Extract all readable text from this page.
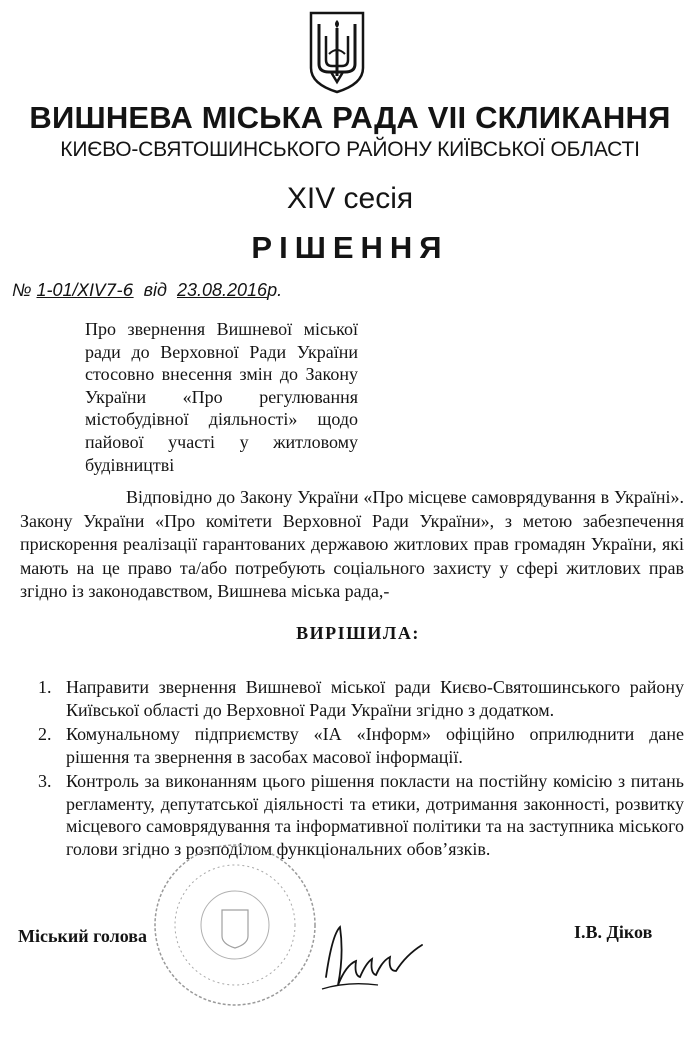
ВИШНЕВА МІСЬКА РАДА VII СКЛИКАННЯ
КИЄВО-СВЯТОШИНСЬКОГО РАЙОНУ КИЇВСЬКОЇ ОБЛАСТІ
XIV сесія
РІШЕННЯ
№ 1-01/XIV7-6 від 23.08.2016р.
Про звернення Вишневої міської ради до Верховної Ради України стосовно внесення змін до Закону України «Про регулювання містобудівної діяльності» щодо пайової участі у житловому будівництві
Відповідно до Закону України «Про місцеве самоврядування в Україні». Закону України «Про комітети Верховної Ради України», з метою забезпечення прискорення реалізації гарантованих державою житлових прав громадян України, які мають на це право та/або потребують соціального захисту у сфері житлових прав згідно із законодавством, Вишнева міська рада,-
ВИРІШИЛА:
1. Направити звернення Вишневої міської ради Києво-Святошинського району Київської області до Верховної Ради України згідно з додатком.
2. Комунальному підприємству «ІА «Інформ» офіційно оприлюднити дане рішення та звернення в засобах масової інформації.
3. Контроль за виконанням цього рішення покласти на постійну комісію з питань регламенту, депутатської діяльності та етики, дотримання законності, розвитку місцевого самоврядування та інформативної політики та на заступника міського голови згідно з розподілом функціональних обов’язків.
Міський голова	І.В. Діков
